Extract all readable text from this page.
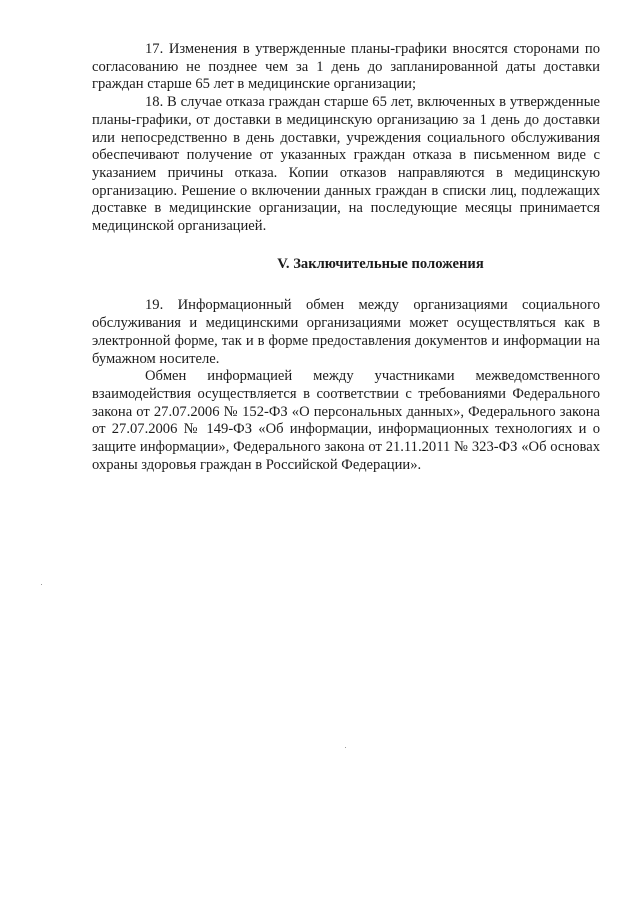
17. Изменения в утвержденные планы-графики вносятся сторонами по согласованию не позднее чем за 1 день до запланированной даты доставки граждан старше 65 лет в медицинские организации;

18. В случае отказа граждан старше 65 лет, включенных в утвержденные планы-графики, от доставки в медицинскую организацию за 1 день до доставки или непосредственно в день доставки, учреждения социального обслуживания обеспечивают получение от указанных граждан отказа в письменном виде с указанием причины отказа. Копии отказов направляются в медицинскую организацию. Решение о включении данных граждан в списки лиц, подлежащих доставке в медицинские организации, на последующие месяцы принимается медицинской организацией.

V. Заключительные положения

19. Информационный обмен между организациями социального обслуживания и медицинскими организациями может осуществляться как в электронной форме, так и в форме предоставления документов и информации на бумажном носителе.

Обмен информацией между участниками межведомственного взаимодействия осуществляется в соответствии с требованиями Федерального закона от 27.07.2006 № 152-ФЗ «О персональных данных», Федерального закона от 27.07.2006 № 149-ФЗ «Об информации, информационных технологиях и о защите информации», Федерального закона от 21.11.2011 № 323-ФЗ «Об основах охраны здоровья граждан в Российской Федерации».
